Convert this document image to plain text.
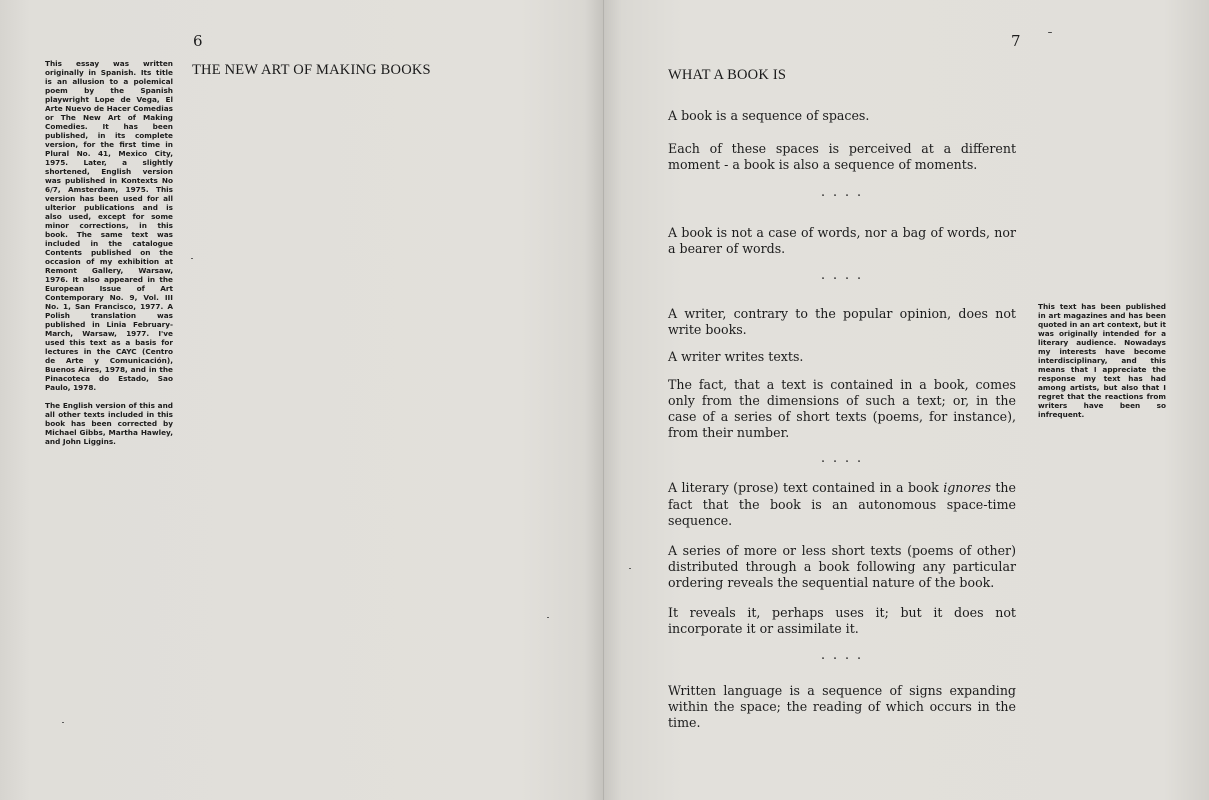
6
THE NEW ART OF MAKING BOOKS

This essay was written originally in Spanish. Its title is an allusion to a polemical poem by the Spanish playwright Lope de Vega, El Arte Nuevo de Hacer Comedias or The New Art of Making Comedies. It has been published, in its complete version, for the first time in Plural No. 41, Mexico City, 1975. Later, a slightly shortened, English version was published in Kontexts No 6/7, Amsterdam, 1975. This version has been used for all ulterior publications and is also used, except for some minor corrections, in this book. The same text was included in the catalogue Contents published on the occasion of my exhibition at Remont Gallery, Warsaw, 1976. It also appeared in the European Issue of Art Contemporary No. 9, Vol. III No. 1, San Francisco, 1977. A Polish translation was published in Linia February-March, Warsaw, 1977. I've used this text as a basis for lectures in the CAYC (Centro de Arte y Comunicación), Buenos Aires, 1978, and in the Pinacoteca do Estado, Sao Paulo, 1978.

The English version of this and all other texts included in this book has been corrected by Michael Gibbs, Martha Hawley, and John Liggins.

7
WHAT A BOOK IS
This text has been published in art magazines and has been quoted in an art context, but it was originally intended for a literary audience. Nowadays my interests have become interdisciplinary, and this means that I appreciate the response my text has had among artists, but also that I regret that the reactions from writers have been so infrequent.

A book is a sequence of spaces.

Each of these spaces is perceived at a different moment - a book is also a sequence of moments.

. . . .

A book is not a case of words, nor a bag of words, nor a bearer of words.

. . . .

A writer, contrary to the popular opinion, does not write books.

A writer writes texts.

The fact, that a text is contained in a book, comes only from the dimensions of such a text; or, in the case of a series of short texts (poems, for instance), from their number.

. . . .

A literary (prose) text contained in a book ignores the fact that the book is an autonomous space-time sequence.

A series of more or less short texts (poems of other) distributed through a book following any particular ordering reveals the sequential nature of the book.

It reveals it, perhaps uses it; but it does not incorporate it or assimilate it.

. . . .

Written language is a sequence of signs expanding within the space; the reading of which occurs in the time.
